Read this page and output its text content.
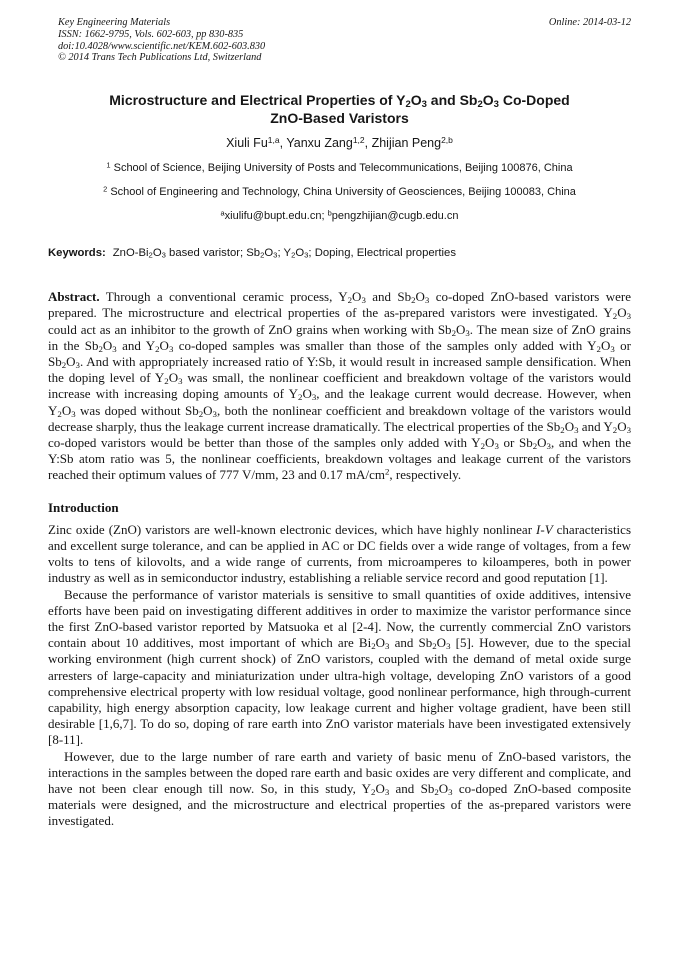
Key Engineering Materials
ISSN: 1662-9795, Vols. 602-603, pp 830-835
doi:10.4028/www.scientific.net/KEM.602-603.830
© 2014 Trans Tech Publications Ltd, Switzerland
Online: 2014-03-12
Microstructure and Electrical Properties of $Y_2O_3$ and $Sb_2O_3$ Co-Doped
ZnO-Based Varistors
Xiuli Fu$^{1,a}$, Yanxu Zang$^{1,2}$, Zhijian Peng$^{2,b}$
$^1$ School of Science, Beijing University of Posts and Telecommunications, Beijing 100876, China
$^2$ School of Engineering and Technology, China University of Geosciences, Beijing 100083, China
$^a$xiulifu@bupt.edu.cn; $^b$pengzhijian@cugb.edu.cn
Keywords: ZnO-$Bi_2O_3$ based varistor; $Sb_2O_3$; $Y_2O_3$; Doping, Electrical properties

Abstract. Through a conventional ceramic process, $Y_2O_3$ and $Sb_2O_3$ co-doped ZnO-based varistors were prepared. The microstructure and electrical properties of the as-prepared varistors were investigated. $Y_2O_3$ could act as an inhibitor to the growth of ZnO grains when working with $Sb_2O_3$. The mean size of ZnO grains in the $Sb_2O_3$ and $Y_2O_3$ co-doped samples was smaller than those of the samples only added with $Y_2O_3$ or $Sb_2O_3$. And with appropriately increased ratio of Y:Sb, it would result in increased sample densification. When the doping level of $Y_2O_3$ was small, the nonlinear coefficient and breakdown voltage of the varistors would increase with increasing doping amounts of $Y_2O_3$, and the leakage current would decrease. However, when $Y_2O_3$ was doped without $Sb_2O_3$, both the nonlinear coefficient and breakdown voltage of the varistors would decrease sharply, thus the leakage current increase dramatically. The electrical properties of the $Sb_2O_3$ and $Y_2O_3$ co-doped varistors would be better than those of the samples only added with $Y_2O_3$ or $Sb_2O_3$, and when the Y:Sb atom ratio was 5, the nonlinear coefficients, breakdown voltages and leakage current of the varistors reached their optimum values of 777 V/mm, 23 and 0.17 $mA/cm^2$, respectively.

Introduction

Zinc oxide (ZnO) varistors are well-known electronic devices, which have highly nonlinear I-V characteristics and excellent surge tolerance, and can be applied in AC or DC fields over a wide range of voltages, from a few volts to tens of kilovolts, and a wide range of currents, from microamperes to kiloamperes, both in power industry as well as in semiconductor industry, establishing a reliable service record and good reputation [1].

Because the performance of varistor materials is sensitive to small quantities of oxide additives, intensive efforts have been paid on investigating different additives in order to maximize the varistor performance since the first ZnO-based varistor reported by Matsuoka et al [2-4]. Now, the currently commercial ZnO varistors contain about 10 additives, most important of which are $Bi_2O_3$ and $Sb_2O_3$ [5]. However, due to the special working environment (high current shock) of ZnO varistors, coupled with the demand of metal oxide surge arresters of large-capacity and miniaturization under ultra-high voltage, developing ZnO varistors of a good comprehensive electrical property with low residual voltage, good nonlinear performance, high through-current capability, high energy absorption capacity, low leakage current and higher voltage gradient, have been still desirable [1,6,7]. To do so, doping of rare earth into ZnO varistor materials have been investigated extensively [8-11].

However, due to the large number of rare earth and variety of basic menu of ZnO-based varistors, the interactions in the samples between the doped rare earth and basic oxides are very different and complicate, and have not been clear enough till now. So, in this study, $Y_2O_3$ and $Sb_2O_3$ co-doped ZnO-based composite materials were designed, and the microstructure and electrical properties of the as-prepared varistors were investigated.
